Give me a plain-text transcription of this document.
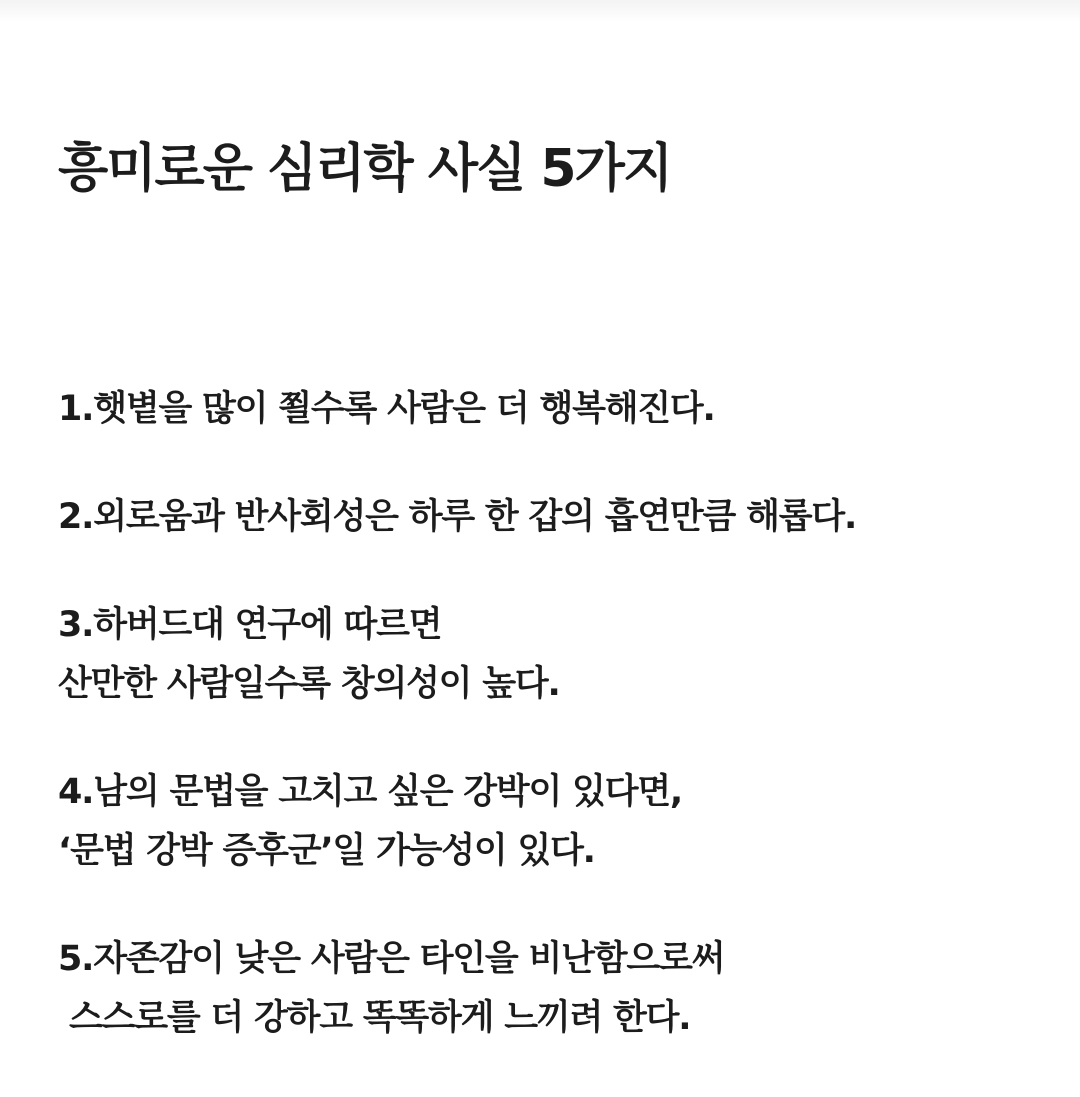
흥미로운 심리학 사실 5가지
1.햇볕을 많이 쬘수록 사람은 더 행복해진다.
2.외로움과 반사회성은 하루 한 갑의 흡연만큼 해롭다.
3.하버드대 연구에 따르면
산만한 사람일수록 창의성이 높다.
4.남의 문법을 고치고 싶은 강박이 있다면,
‘문법 강박 증후군’일 가능성이 있다.
5.자존감이 낮은 사람은 타인을 비난함으로써
스스로를 더 강하고 똑똑하게 느끼려 한다.
